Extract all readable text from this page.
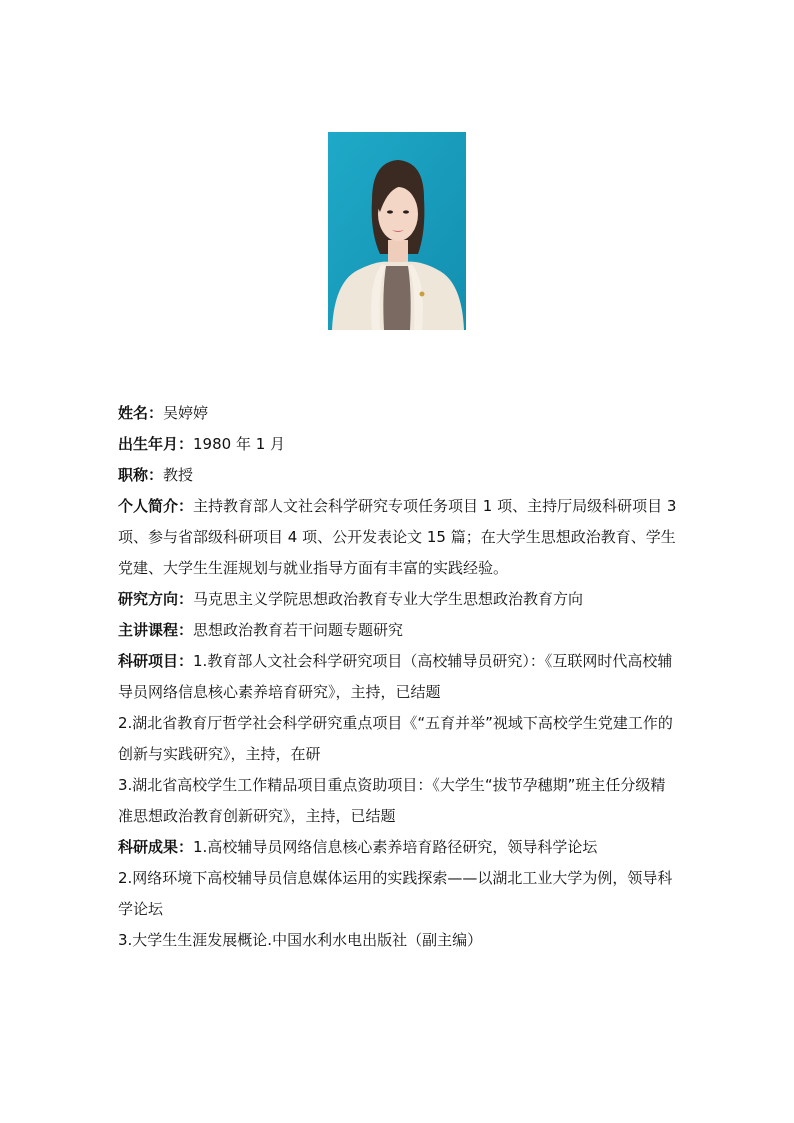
姓名：吴婷婷

出生年月：1980 年 1 月

职称：教授

个人简介：主持教育部人文社会科学研究专项任务项目 1 项、主持厅局级科研项目 3 项、参与省部级科研项目 4 项、公开发表论文 15 篇；在大学生思想政治教育、学生党建、大学生生涯规划与就业指导方面有丰富的实践经验。

研究方向：马克思主义学院思想政治教育专业大学生思想政治教育方向

主讲课程：思想政治教育若干问题专题研究

科研项目：1.教育部人文社会科学研究项目（高校辅导员研究）：《互联网时代高校辅导员网络信息核心素养培育研究》，主持，已结题

2.湖北省教育厅哲学社会科学研究重点项目《“五育并举”视域下高校学生党建工作的创新与实践研究》，主持，在研

3.湖北省高校学生工作精品项目重点资助项目：《大学生“拔节孕穗期”班主任分级精准思想政治教育创新研究》，主持，已结题

科研成果：1.高校辅导员网络信息核心素养培育路径研究，领导科学论坛

2.网络环境下高校辅导员信息媒体运用的实践探索——以湖北工业大学为例，领导科学论坛

3.大学生生涯发展概论.中国水利水电出版社（副主编）
